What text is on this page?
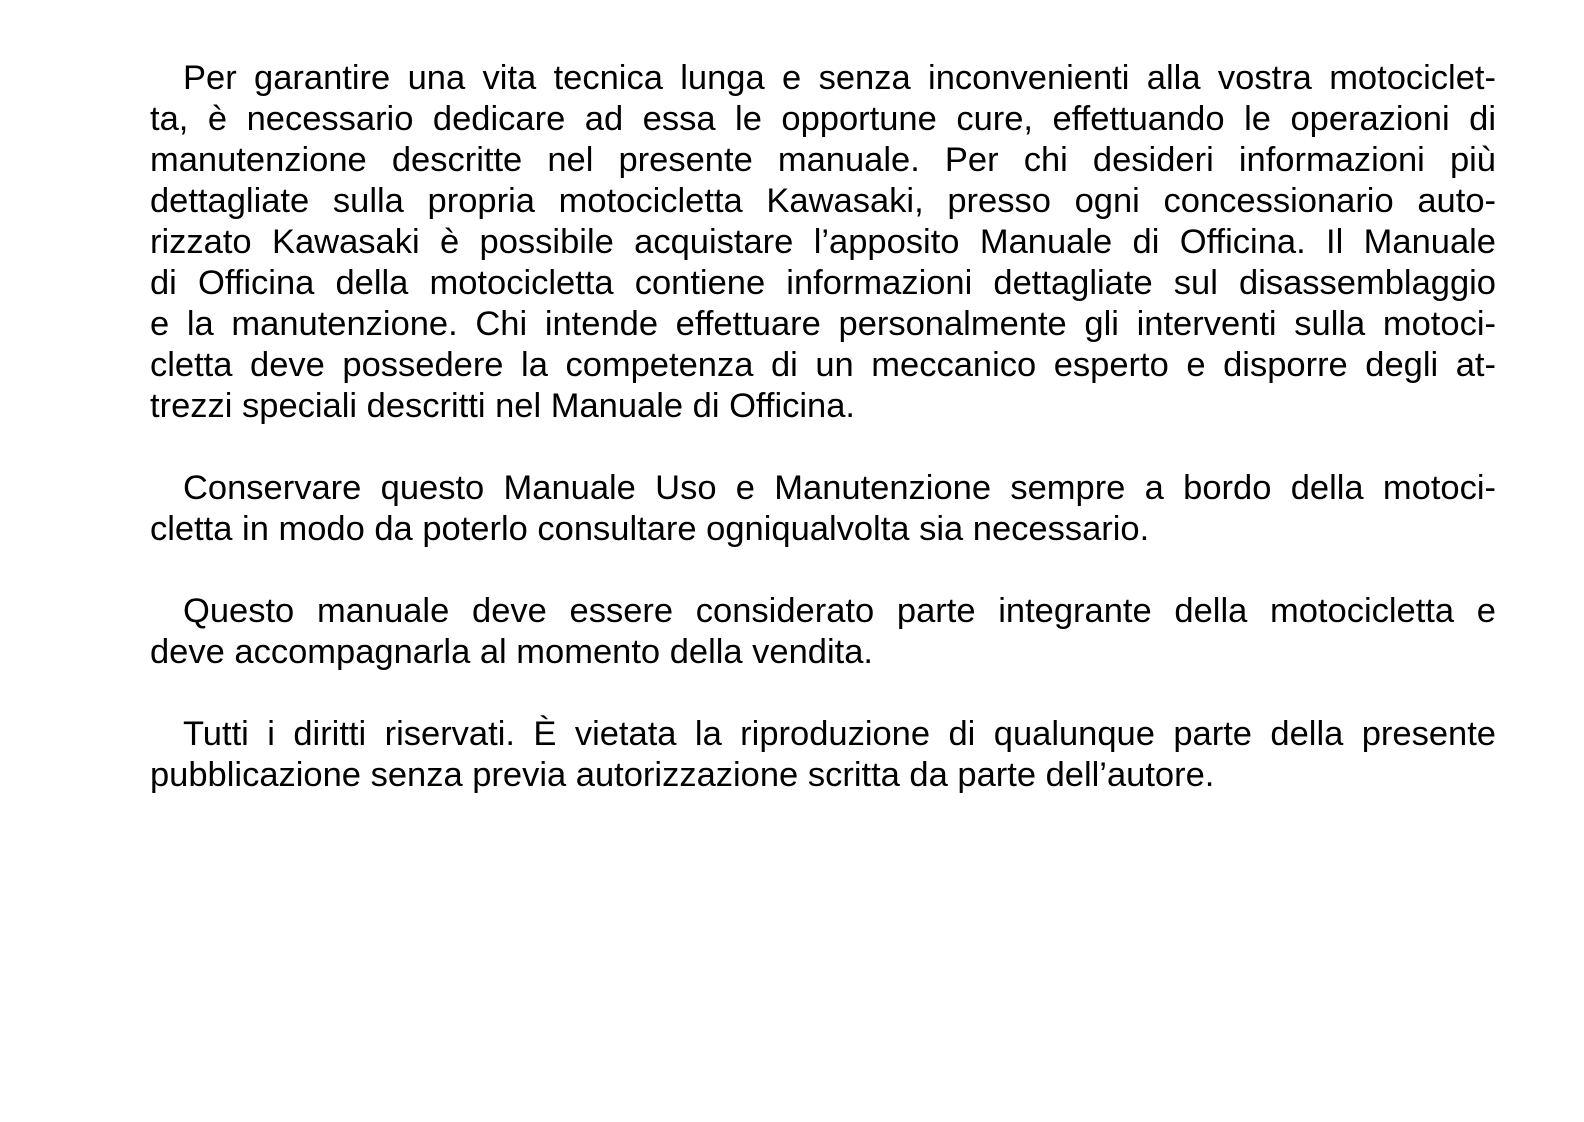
Per garantire una vita tecnica lunga e senza inconvenienti alla vostra motociclet-
ta, è necessario dedicare ad essa le opportune cure, effettuando le operazioni di
manutenzione descritte nel presente manuale. Per chi desideri informazioni più
dettagliate sulla propria motocicletta Kawasaki, presso ogni concessionario auto-
rizzato Kawasaki è possibile acquistare l’apposito Manuale di Officina. Il Manuale
di Officina della motocicletta contiene informazioni dettagliate sul disassemblaggio
e la manutenzione. Chi intende effettuare personalmente gli interventi sulla motoci-
cletta deve possedere la competenza di un meccanico esperto e disporre degli at-
trezzi speciali descritti nel Manuale di Officina.
Conservare questo Manuale Uso e Manutenzione sempre a bordo della motoci-
cletta in modo da poterlo consultare ogniqualvolta sia necessario.
Questo manuale deve essere considerato parte integrante della motocicletta e
deve accompagnarla al momento della vendita.
Tutti i diritti riservati. È vietata la riproduzione di qualunque parte della presente
pubblicazione senza previa autorizzazione scritta da parte dell’autore.
